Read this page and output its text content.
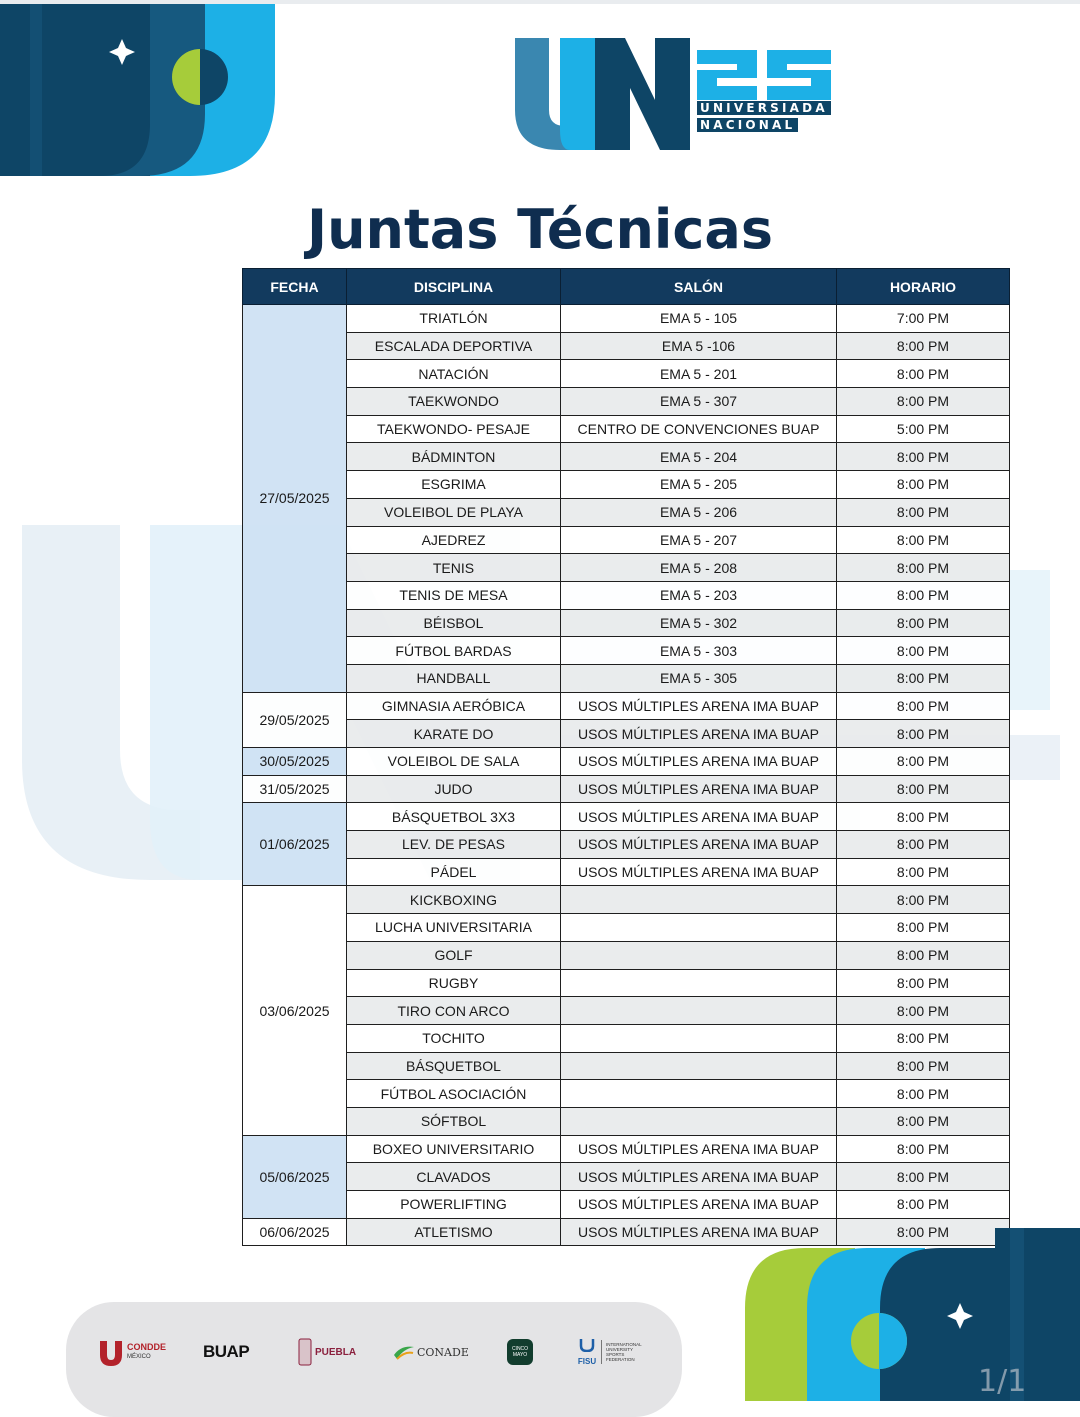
UNIVERSIADA
NACIONAL
Juntas Técnicas
FECHA	DISCIPLINA	SALÓN	HORARIO
27/05/2025	TRIATLÓN	EMA 5 - 105	7:00 PM
	ESCALADA DEPORTIVA	EMA 5 -106	8:00 PM
	NATACIÓN	EMA 5 - 201	8:00 PM
	TAEKWONDO	EMA 5 - 307	8:00 PM
	TAEKWONDO- PESAJE	CENTRO DE CONVENCIONES BUAP	5:00 PM
	BÁDMINTON	EMA 5 - 204	8:00 PM
	ESGRIMA	EMA 5 - 205	8:00 PM
	VOLEIBOL DE PLAYA	EMA 5 - 206	8:00 PM
	AJEDREZ	EMA 5 - 207	8:00 PM
	TENIS	EMA 5 - 208	8:00 PM
	TENIS DE MESA	EMA 5 - 203	8:00 PM
	BÉISBOL	EMA 5 - 302	8:00 PM
	FÚTBOL BARDAS	EMA 5 - 303	8:00 PM
	HANDBALL	EMA 5 - 305	8:00 PM
29/05/2025	GIMNASIA AERÓBICA	USOS MÚLTIPLES ARENA IMA BUAP	8:00 PM
	KARATE DO	USOS MÚLTIPLES ARENA IMA BUAP	8:00 PM
30/05/2025	VOLEIBOL DE SALA	USOS MÚLTIPLES ARENA IMA BUAP	8:00 PM
31/05/2025	JUDO	USOS MÚLTIPLES ARENA IMA BUAP	8:00 PM
01/06/2025	BÁSQUETBOL 3X3	USOS MÚLTIPLES ARENA IMA BUAP	8:00 PM
	LEV. DE PESAS	USOS MÚLTIPLES ARENA IMA BUAP	8:00 PM
	PÁDEL	USOS MÚLTIPLES ARENA IMA BUAP	8:00 PM
03/06/2025	KICKBOXING		8:00 PM
	LUCHA UNIVERSITARIA		8:00 PM
	GOLF		8:00 PM
	RUGBY		8:00 PM
	TIRO CON ARCO		8:00 PM
	TOCHITO		8:00 PM
	BÁSQUETBOL		8:00 PM
	FÚTBOL ASOCIACIÓN		8:00 PM
	SÓFTBOL		8:00 PM
05/06/2025	BOXEO UNIVERSITARIO	USOS MÚLTIPLES ARENA IMA BUAP	8:00 PM
	CLAVADOS	USOS MÚLTIPLES ARENA IMA BUAP	8:00 PM
	POWERLIFTING	USOS MÚLTIPLES ARENA IMA BUAP	8:00 PM
06/06/2025	ATLETISMO	USOS MÚLTIPLES ARENA IMA BUAP	8:00 PM
CONDDE
MÉXICO	BUAP	PUEBLA	CONADE	CINCO MAYO
FISU
INTERNATIONAL UNIVERSITY SPORTS FEDERATION
1/1
